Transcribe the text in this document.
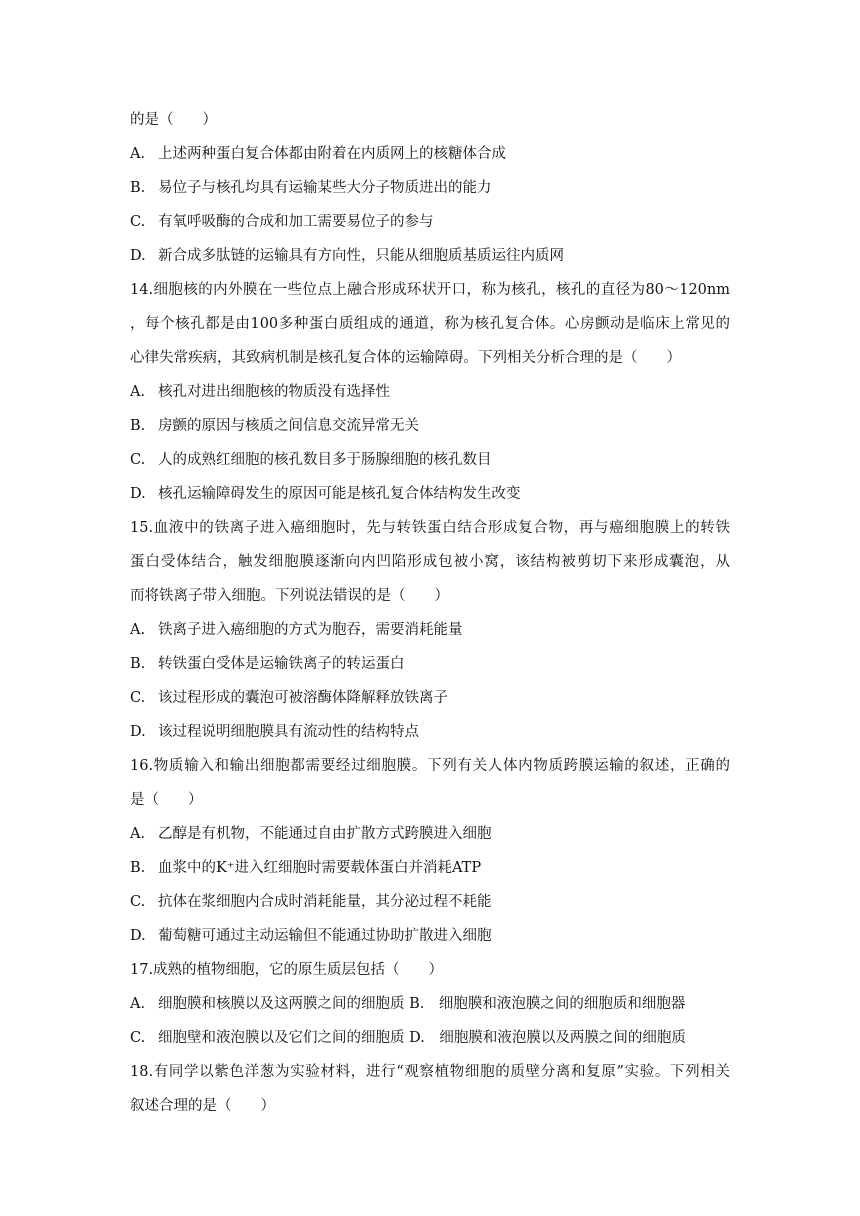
的是（　　）
A. 上述两种蛋白复合体都由附着在内质网上的核糖体合成
B. 易位子与核孔均具有运输某些大分子物质进出的能力
C. 有氧呼吸酶的合成和加工需要易位子的参与
D. 新合成多肽链的运输具有方向性，只能从细胞质基质运往内质网
14.细胞核的内外膜在一些位点上融合形成环状开口，称为核孔，核孔的直径为80～120nm
，每个核孔都是由100多种蛋白质组成的通道，称为核孔复合体。心房颤动是临床上常见的
心律失常疾病，其致病机制是核孔复合体的运输障碍。下列相关分析合理的是（　　）
A. 核孔对进出细胞核的物质没有选择性
B. 房颤的原因与核质之间信息交流异常无关
C. 人的成熟红细胞的核孔数目多于肠腺细胞的核孔数目
D. 核孔运输障碍发生的原因可能是核孔复合体结构发生改变
15.血液中的铁离子进入癌细胞时，先与转铁蛋白结合形成复合物，再与癌细胞膜上的转铁
蛋白受体结合，触发细胞膜逐渐向内凹陷形成包被小窝，该结构被剪切下来形成囊泡，从
而将铁离子带入细胞。下列说法错误的是（　　）
A. 铁离子进入癌细胞的方式为胞吞，需要消耗能量
B. 转铁蛋白受体是运输铁离子的转运蛋白
C. 该过程形成的囊泡可被溶酶体降解释放铁离子
D. 该过程说明细胞膜具有流动性的结构特点
16.物质输入和输出细胞都需要经过细胞膜。下列有关人体内物质跨膜运输的叙述，正确的
是（　　）
A. 乙醇是有机物，不能通过自由扩散方式跨膜进入细胞
B. 血浆中的K⁺进入红细胞时需要载体蛋白并消耗ATP
C. 抗体在浆细胞内合成时消耗能量，其分泌过程不耗能
D. 葡萄糖可通过主动运输但不能通过协助扩散进入细胞
17.成熟的植物细胞，它的原生质层包括（　　）
A. 细胞膜和核膜以及这两膜之间的细胞质 B.　细胞膜和液泡膜之间的细胞质和细胞器
C. 细胞壁和液泡膜以及它们之间的细胞质 D.　细胞膜和液泡膜以及两膜之间的细胞质
18.有同学以紫色洋葱为实验材料，进行“观察植物细胞的质壁分离和复原”实验。下列相关
叙述合理的是（　　）
